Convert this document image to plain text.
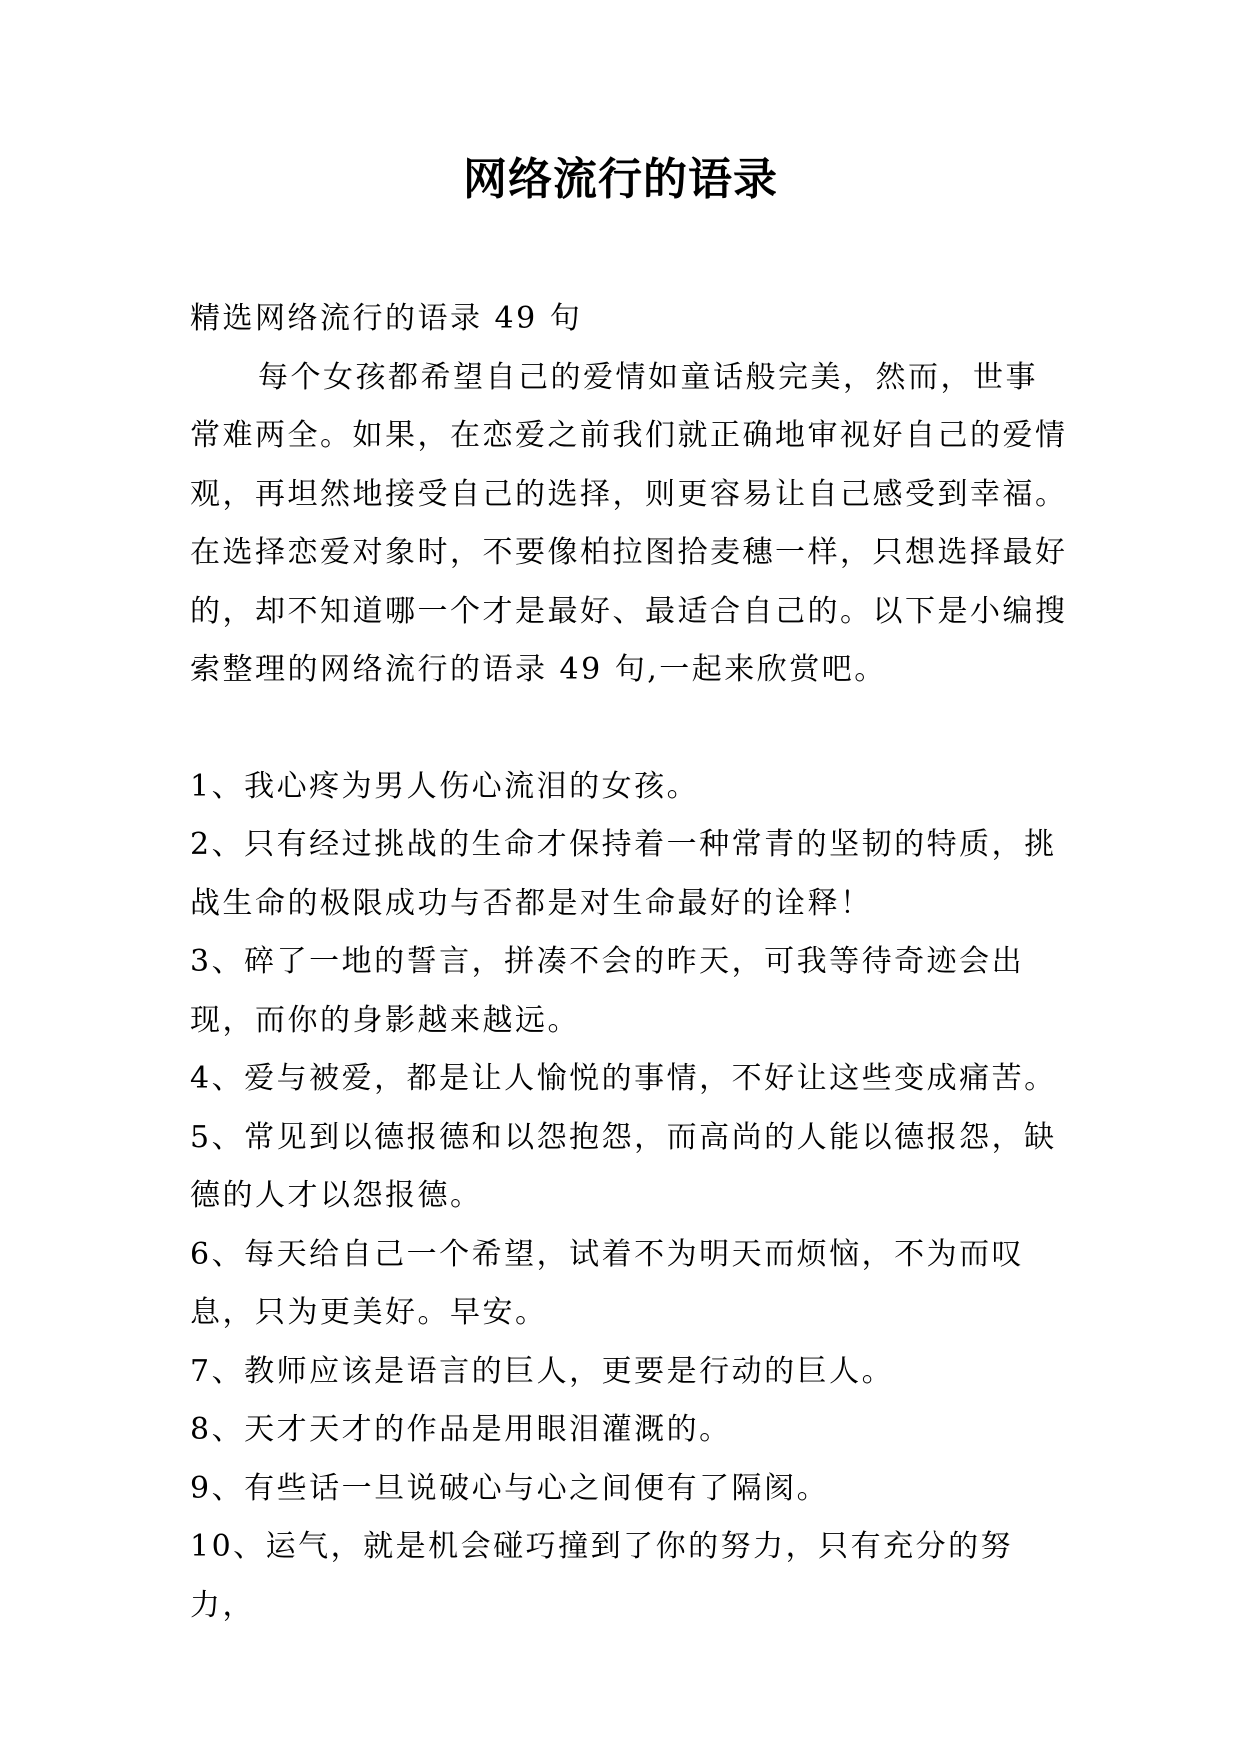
网络流行的语录

精选网络流行的语录 49 句

每个女孩都希望自己的爱情如童话般完美，然而，世事常难两全。如果，在恋爱之前我们就正确地审视好自己的爱情观，再坦然地接受自己的选择，则更容易让自己感受到幸福。在选择恋爱对象时，不要像柏拉图拾麦穗一样，只想选择最好的，却不知道哪一个才是最好、最适合自己的。以下是小编搜索整理的网络流行的语录 49 句,一起来欣赏吧。

1、我心疼为男人伤心流泪的女孩。

2、只有经过挑战的生命才保持着一种常青的坚韧的特质，挑战生命的极限成功与否都是对生命最好的诠释！

3、碎了一地的誓言，拼凑不会的昨天，可我等待奇迹会出现，而你的身影越来越远。

4、爱与被爱，都是让人愉悦的事情，不好让这些变成痛苦。

5、常见到以德报德和以怨抱怨，而高尚的人能以德报怨，缺德的人才以怨报德。

6、每天给自己一个希望，试着不为明天而烦恼，不为而叹息，只为更美好。早安。

7、教师应该是语言的巨人，更要是行动的巨人。

8、天才天才的作品是用眼泪灌溉的。

9、有些话一旦说破心与心之间便有了隔阂。

10、运气，就是机会碰巧撞到了你的努力，只有充分的努力，
